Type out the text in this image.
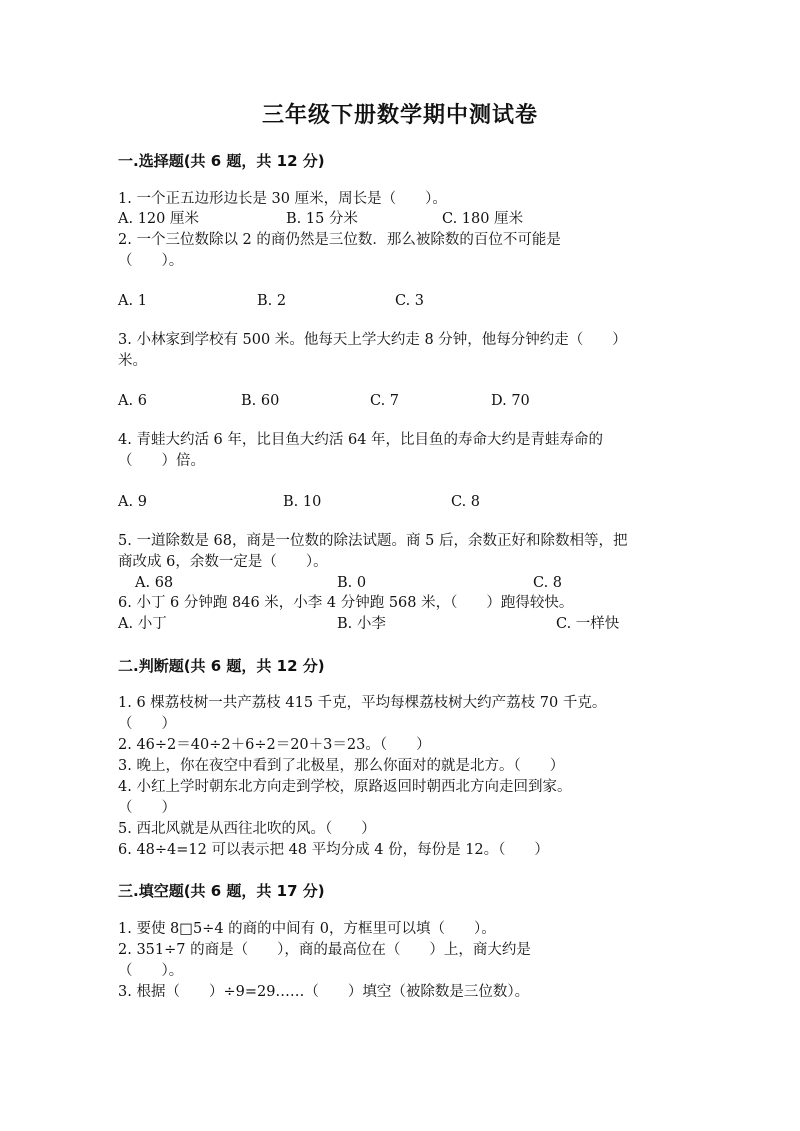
三年级下册数学期中测试卷
一.选择题(共 6 题，共 12 分)
1. 一个正五边形边长是 30 厘米，周长是（　　）。
A. 120 厘米	B. 15 分米	C. 180 厘米
2. 一个三位数除以 2 的商仍然是三位数．那么被除数的百位不可能是
（　　）。
A. 1	B. 2	C. 3
3. 小林家到学校有 500 米。他每天上学大约走 8 分钟，他每分钟约走（　　）
米。
A. 6	B. 60	C. 7	D. 70
4. 青蛙大约活 6 年，比目鱼大约活 64 年，比目鱼的寿命大约是青蛙寿命的
（　　）倍。
A. 9	B. 10	C. 8
5. 一道除数是 68，商是一位数的除法试题。商 5 后，余数正好和除数相等，把
商改成 6，余数一定是（　　）。
A. 68	B. 0	C. 8
6. 小丁 6 分钟跑 846 米，小李 4 分钟跑 568 米，（　　）跑得较快。
A. 小丁	B. 小李	C. 一样快
二.判断题(共 6 题，共 12 分)
1. 6 棵荔枝树一共产荔枝 415 千克，平均每棵荔枝树大约产荔枝 70 千克。
（　　）
2. 46÷2＝40÷2＋6÷2＝20＋3＝23。（　　）
3. 晚上，你在夜空中看到了北极星，那么你面对的就是北方。（　　）
4. 小红上学时朝东北方向走到学校，原路返回时朝西北方向走回到家。
（　　）
5. 西北风就是从西往北吹的风。（　　）
6. 48÷4=12 可以表示把 48 平均分成 4 份，每份是 12。（　　）
三.填空题(共 6 题，共 17 分)
1. 要使 8□5÷4 的商的中间有 0，方框里可以填（　　）。
2. 351÷7 的商是（　　），商的最高位在（　　）上，商大约是
（　　）。
3. 根据（　　）÷9=29……（　　）填空（被除数是三位数）。
